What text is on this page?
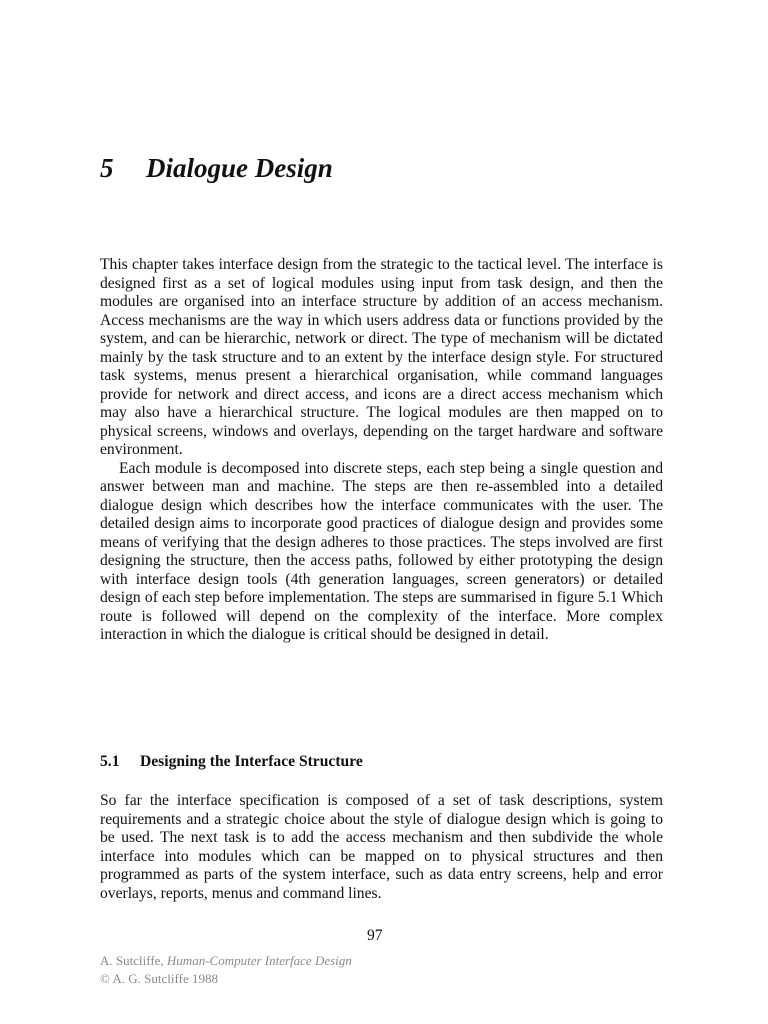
5 Dialogue Design

This chapter takes interface design from the strategic to the tactical level. The interface is designed first as a set of logical modules using input from task design, and then the modules are organised into an interface structure by addition of an access mechanism. Access mechanisms are the way in which users address data or functions provided by the system, and can be hierarchic, network or direct. The type of mechanism will be dictated mainly by the task structure and to an extent by the interface design style. For structured task systems, menus present a hierarchical organisation, while command languages provide for network and direct access, and icons are a direct access mechanism which may also have a hierarchical structure. The logical modules are then mapped on to physical screens, windows and overlays, depending on the target hardware and software environment.

Each module is decomposed into discrete steps, each step being a single question and answer between man and machine. The steps are then re-assembled into a detailed dialogue design which describes how the interface communicates with the user. The detailed design aims to incorporate good practices of dialogue design and provides some means of verifying that the design adheres to those practices. The steps involved are first designing the structure, then the access paths, followed by either prototyping the design with interface design tools (4th generation languages, screen generators) or detailed design of each step before implementation. The steps are summarised in figure 5.1 Which route is followed will depend on the complexity of the interface. More complex interaction in which the dialogue is critical should be designed in detail.

5.1 Designing the Interface Structure

So far the interface specification is composed of a set of task descriptions, system requirements and a strategic choice about the style of dialogue design which is going to be used. The next task is to add the access mechanism and then subdivide the whole interface into modules which can be mapped on to physical structures and then programmed as parts of the system interface, such as data entry screens, help and error overlays, reports, menus and command lines.

97
A. Sutcliffe, Human-Computer Interface Design
© A. G. Sutcliffe 1988
